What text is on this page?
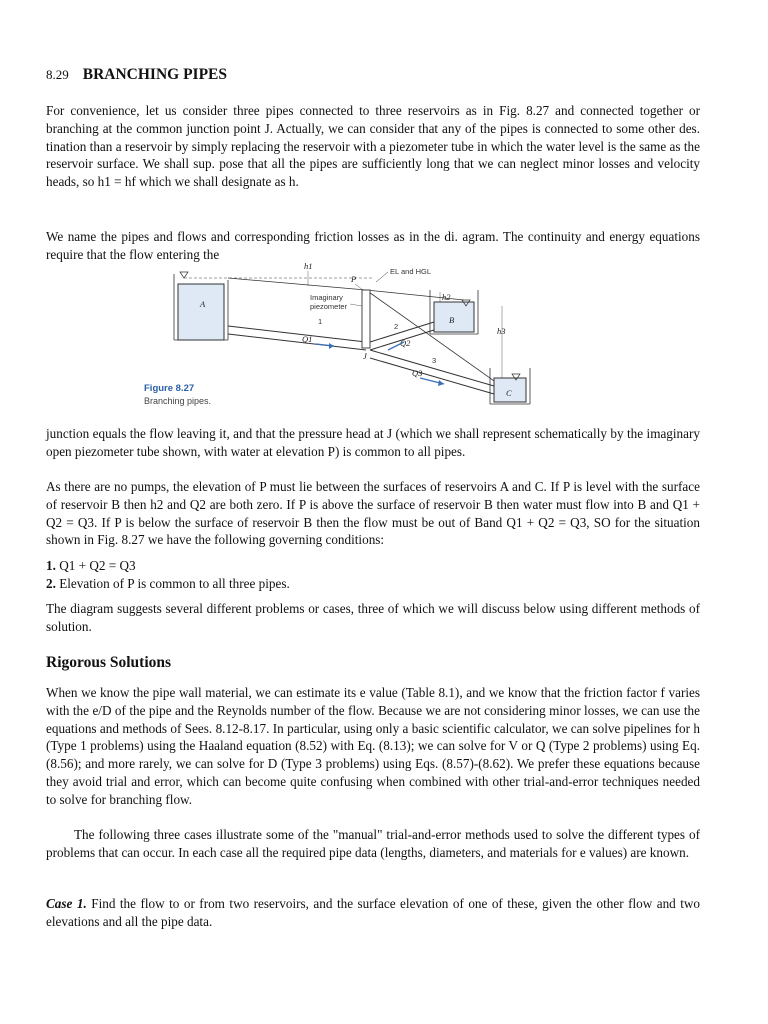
8.29 BRANCHING PIPES

For convenience, let us consider three pipes connected to three reservoirs as in Fig. 8.27 and connected together or branching at the common junction point J. Actually, we can consider that any of the pipes is connected to some other des. tination than a reservoir by simply replacing the reservoir with a piezometer tube in which the water level is the same as the reservoir surface. We shall sup. pose that all the pipes are sufficiently long that we can neglect minor losses and velocity heads, so h1 = hf which we shall designate as h.

We name the pipes and flows and corresponding friction losses as in the di. agram. The continuity and energy equations require that the flow entering the

A
EL and HGL
h1
1
Q1
Imaginary
piezometer
P
J
B
h2
2
Q2
3
Q3
C
h3
Figure 8.27
Branching pipes.

junction equals the flow leaving it, and that the pressure head at J (which we shall represent schematically by the imaginary open piezometer tube shown, with water at elevation P) is common to all pipes.

As there are no pumps, the elevation of P must lie between the surfaces of reservoirs A and C. If P is level with the surface of reservoir B then h2 and Q2 are both zero. If P is above the surface of reservoir B then water must flow into B and Q1 + Q2 = Q3. If P is below the surface of reservoir B then the flow must be out of Band Q1 + Q2 = Q3, SO for the situation shown in Fig. 8.27 we have the following governing conditions:

1. Q1 + Q2 = Q3
2. Elevation of P is common to all three pipes.

The diagram suggests several different problems or cases, three of which we will discuss below using different methods of solution.

Rigorous Solutions

When we know the pipe wall material, we can estimate its e value (Table 8.1), and we know that the friction factor f varies with the e/D of the pipe and the Reynolds number of the flow. Because we are not considering minor losses, we can use the equations and methods of Sees. 8.12-8.17. In particular, using only a basic scientific calculator, we can solve pipelines for h (Type 1 problems) using the Haaland equation (8.52) with Eq. (8.13); we can solve for V or Q (Type 2 problems) using Eq. (8.56); and more rarely, we can solve for D (Type 3 problems) using Eqs. (8.57)-(8.62). We prefer these equations because they avoid trial and error, which can become quite confusing when combined with other trial-and-error techniques needed to solve for branching flow.

The following three cases illustrate some of the "manual" trial-and-error methods used to solve the different types of problems that can occur. In each case all the required pipe data (lengths, diameters, and materials for e values) are known.

Case 1. Find the flow to or from two reservoirs, and the surface elevation of one of these, given the other flow and two elevations and all the pipe data.
